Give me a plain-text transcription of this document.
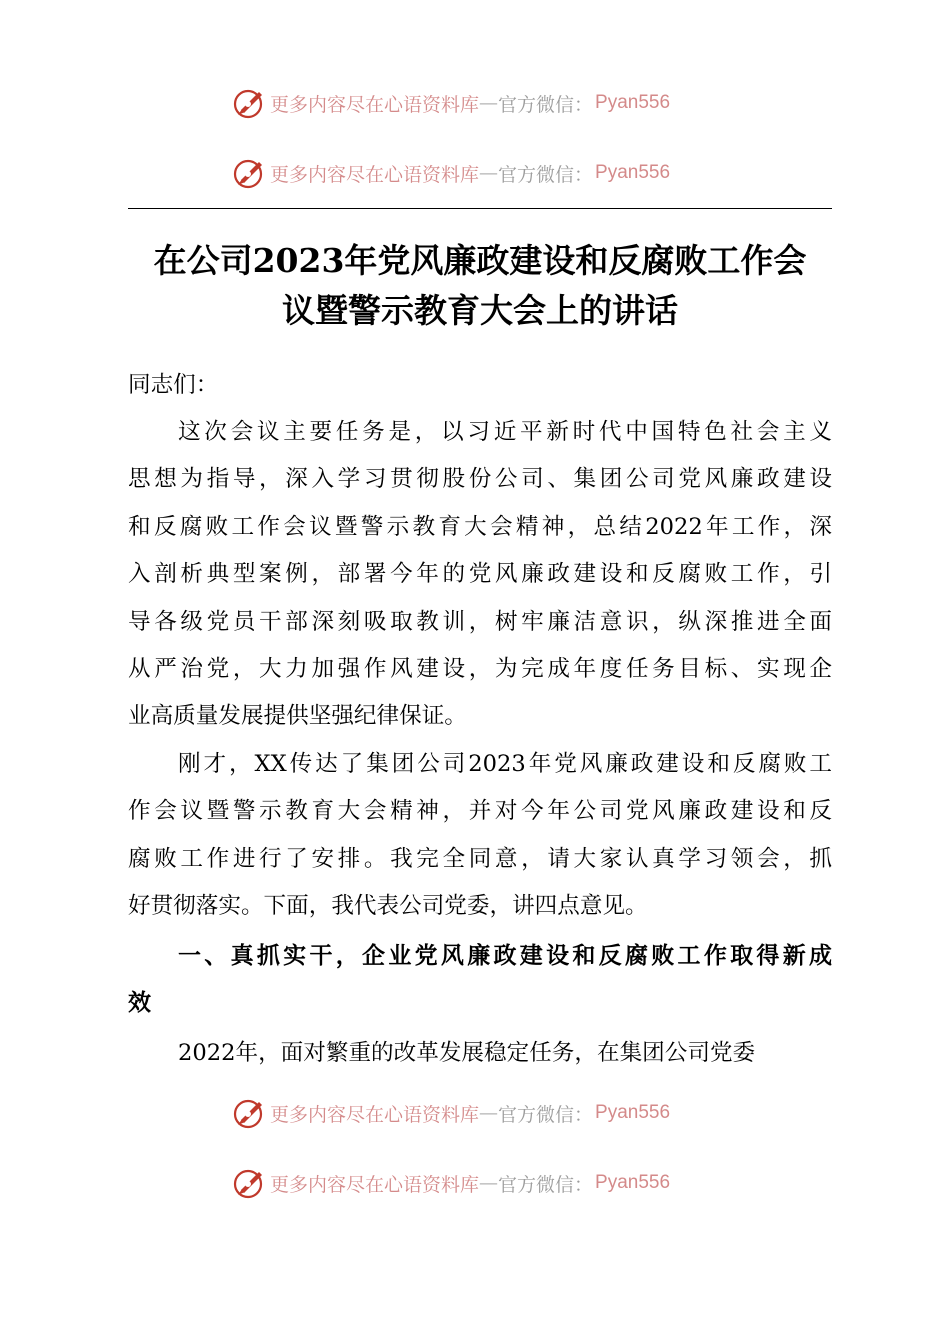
更多内容尽在心语资料库 — 官方微信： Pyan556
更多内容尽在心语资料库 — 官方微信： Pyan556
在公司2023年党风廉政建设和反腐败工作会
议暨警示教育大会上的讲话
同志们：
这次会议主要任务是，以习近平新时代中国特色社会主义
思想为指导，深入学习贯彻股份公司、集团公司党风廉政建设
和反腐败工作会议暨警示教育大会精神，总结2022年工作，深
入剖析典型案例，部署今年的党风廉政建设和反腐败工作，引
导各级党员干部深刻吸取教训，树牢廉洁意识，纵深推进全面
从严治党，大力加强作风建设，为完成年度任务目标、实现企
业高质量发展提供坚强纪律保证。
刚才，XX传达了集团公司2023年党风廉政建设和反腐败工
作会议暨警示教育大会精神，并对今年公司党风廉政建设和反
腐败工作进行了安排。我完全同意，请大家认真学习领会，抓
好贯彻落实。下面，我代表公司党委，讲四点意见。
一、真抓实干，企业党风廉政建设和反腐败工作取得新成
效
2022年，面对繁重的改革发展稳定任务，在集团公司党委
更多内容尽在心语资料库 — 官方微信： Pyan556
更多内容尽在心语资料库 — 官方微信： Pyan556
